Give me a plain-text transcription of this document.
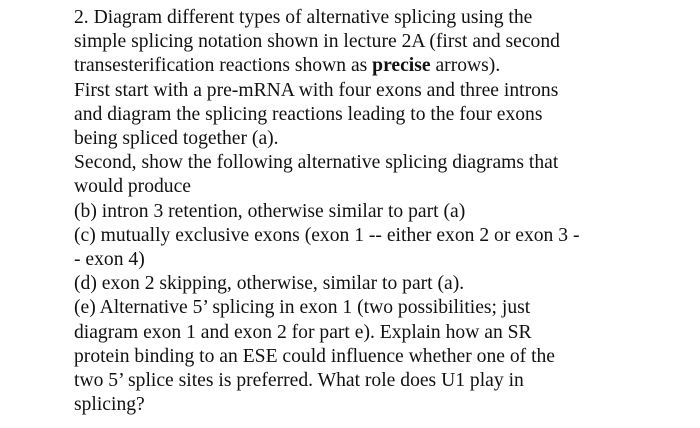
2. Diagram different types of alternative splicing using the
simple splicing notation shown in lecture 2A (first and second
transesterification reactions shown as precise arrows).
First start with a pre-mRNA with four exons and three introns
and diagram the splicing reactions leading to the four exons
being spliced together (a).
Second, show the following alternative splicing diagrams that
would produce
(b) intron 3 retention, otherwise similar to part (a)
(c) mutually exclusive exons (exon 1 -- either exon 2 or exon 3 -
- exon 4)
(d) exon 2 skipping, otherwise, similar to part (a).
(e) Alternative 5’ splicing in exon 1 (two possibilities; just
diagram exon 1 and exon 2 for part e). Explain how an SR
protein binding to an ESE could influence whether one of the
two 5’ splice sites is preferred. What role does U1 play in
splicing?
